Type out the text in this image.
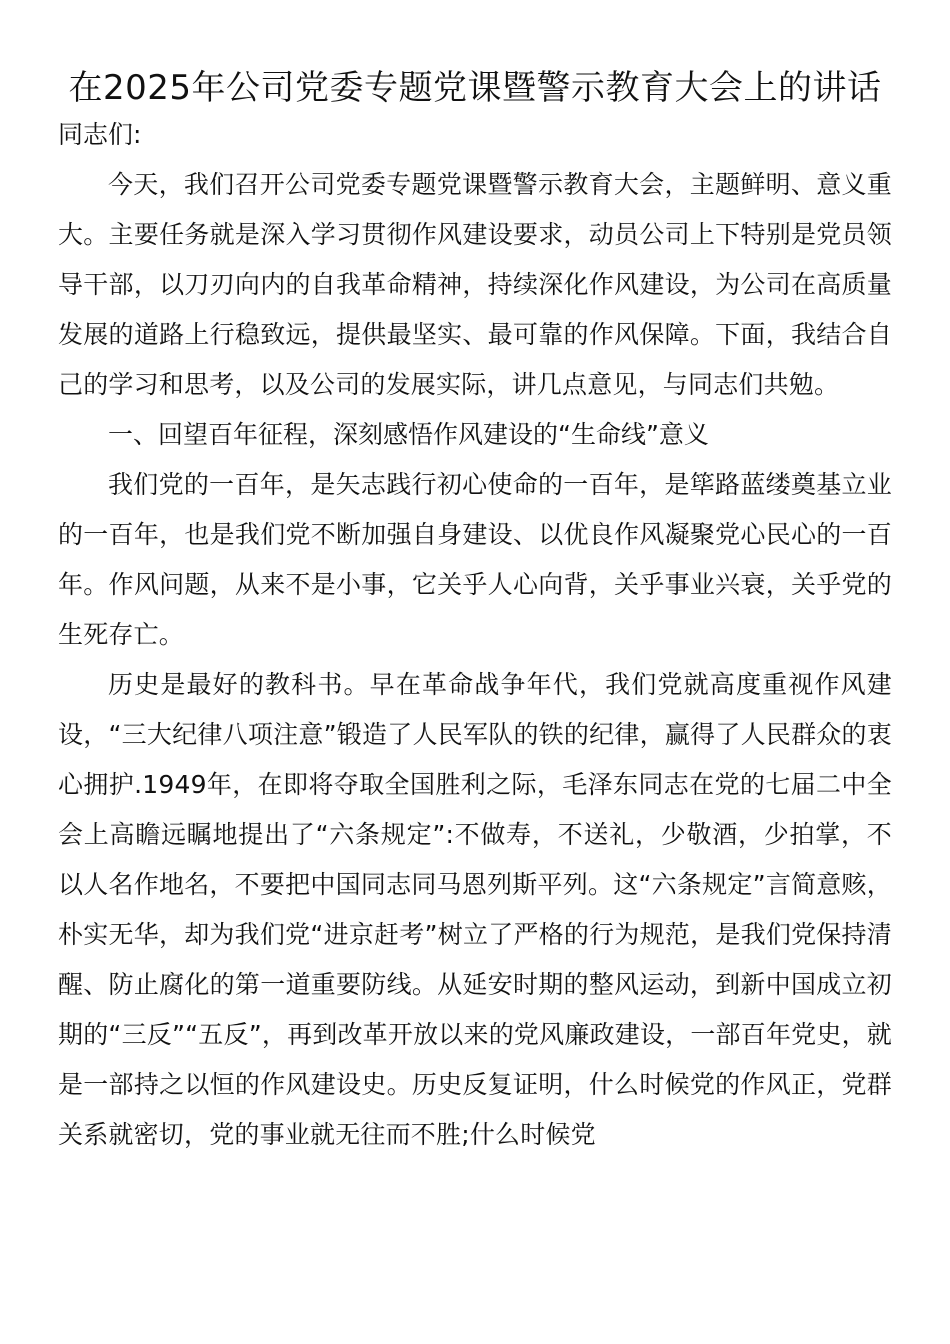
在2025年公司党委专题党课暨警示教育大会上的讲话

同志们:

今天，我们召开公司党委专题党课暨警示教育大会，主题鲜明、意义重大。主要任务就是深入学习贯彻作风建设要求，动员公司上下特别是党员领导干部，以刀刃向内的自我革命精神，持续深化作风建设，为公司在高质量发展的道路上行稳致远，提供最坚实、最可靠的作风保障。下面，我结合自己的学习和思考，以及公司的发展实际，讲几点意见，与同志们共勉。

一、回望百年征程，深刻感悟作风建设的“生命线”意义

我们党的一百年，是矢志践行初心使命的一百年，是筚路蓝缕奠基立业的一百年，也是我们党不断加强自身建设、以优良作风凝聚党心民心的一百年。作风问题，从来不是小事，它关乎人心向背，关乎事业兴衰，关乎党的生死存亡。

历史是最好的教科书。早在革命战争年代，我们党就高度重视作风建设，“三大纪律八项注意”锻造了人民军队的铁的纪律，赢得了人民群众的衷心拥护.1949年，在即将夺取全国胜利之际，毛泽东同志在党的七届二中全会上高瞻远瞩地提出了“六条规定”:不做寿，不送礼，少敬酒，少拍掌，不以人名作地名，不要把中国同志同马恩列斯平列。这“六条规定”言简意赅，朴实无华，却为我们党“进京赶考”树立了严格的行为规范，是我们党保持清醒、防止腐化的第一道重要防线。从延安时期的整风运动，到新中国成立初期的“三反”“五反”，再到改革开放以来的党风廉政建设，一部百年党史，就是一部持之以恒的作风建设史。历史反复证明，什么时候党的作风正，党群关系就密切，党的事业就无往而不胜;什么时候党
